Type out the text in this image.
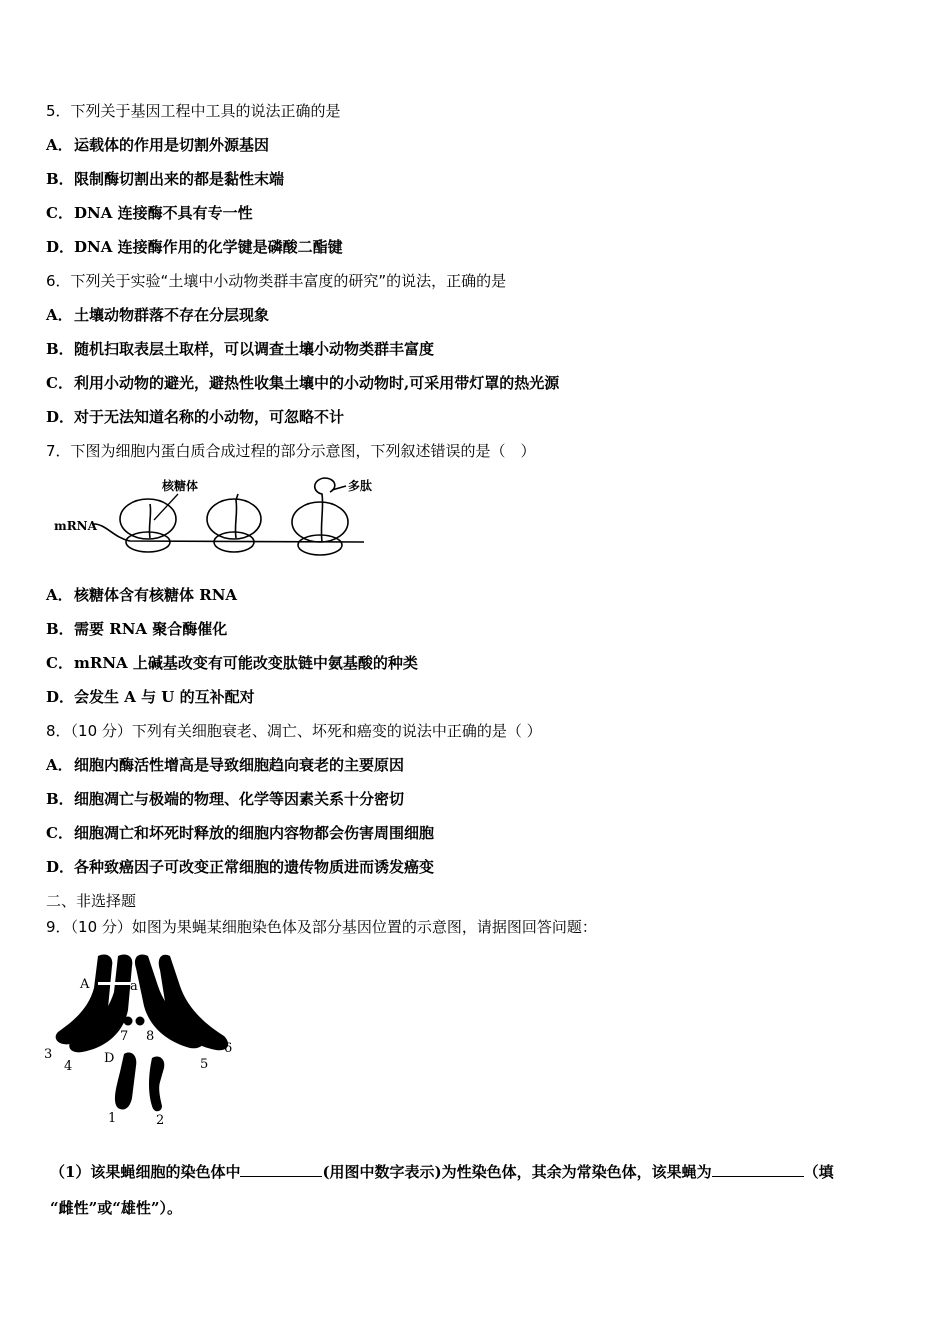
5．下列关于基因工程中工具的说法正确的是
A．运载体的作用是切割外源基因
B．限制酶切割出来的都是黏性末端
C．DNA 连接酶不具有专一性
D．DNA 连接酶作用的化学键是磷酸二酯键
6．下列关于实验“土壤中小动物类群丰富度的研究”的说法，正确的是
A．土壤动物群落不存在分层现象
B．随机扫取表层土取样，可以调查土壤小动物类群丰富度
C．利用小动物的避光，避热性收集土壤中的小动物时,可采用带灯罩的热光源
D．对于无法知道名称的小动物，可忽略不计
7．下图为细胞内蛋白质合成过程的部分示意图，下列叙述错误的是（　）
mRNA
核糖体	多肽
A．核糖体含有核糖体 RNA
B．需要 RNA 聚合酶催化
C．mRNA 上碱基改变有可能改变肽链中氨基酸的种类
D．会发生 A 与 U 的互补配对
8．（10 分）下列有关细胞衰老、凋亡、坏死和癌变的说法中正确的是（ ）
A．细胞内酶活性增高是导致细胞趋向衰老的主要原因
B．细胞凋亡与极端的物理、化学等因素关系十分密切
C．细胞凋亡和坏死时释放的细胞内容物都会伤害周围细胞
D．各种致癌因子可改变正常细胞的遗传物质进而诱发癌变
二、非选择题
9．（10 分）如图为果蝇某细胞染色体及部分基因位置的示意图，请据图回答问题：
A	a
7 8
3
4
D	5
6
1	2
（1）该果蝇细胞的染色体中	(用图中数字表示)为性染色体，其余为常染色体，该果蝇为	（填
“雌性”或“雄性”）。
